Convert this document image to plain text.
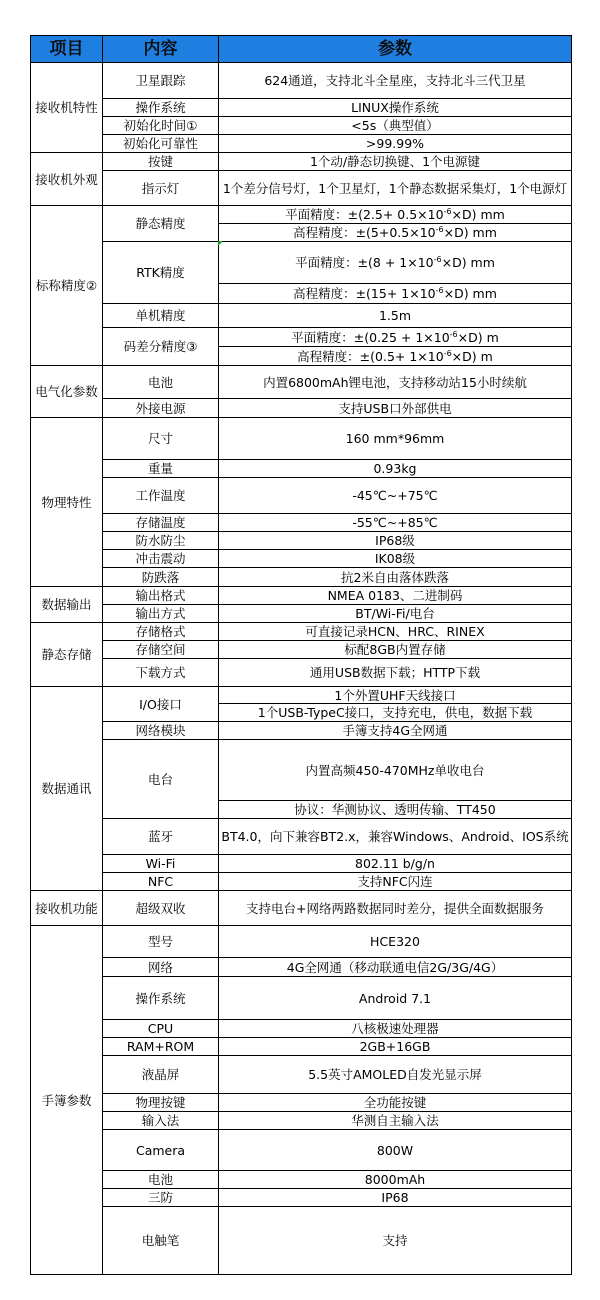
项目	内容	参数
接收机特性	卫星跟踪	624通道，支持北斗全星座，支持北斗三代卫星
	操作系统	LINUX操作系统
	初始化时间①	<5s（典型值）
	初始化可靠性	>99.99%
接收机外观	按键	1个动/静态切换键、1个电源键
	指示灯	1个差分信号灯，1个卫星灯，1个静态数据采集灯，1个电源灯
标称精度②	静态精度	平面精度：$\pm(2.5+ 0.5\times 10^{-6}\times D)$ mm
		高程精度：$\pm(5+0.5\times 10^{-6}\times D)$ mm
	RTK精度	平面精度：$\pm(8 + 1\times 10^{-6}\times D)$ mm
		高程精度：$\pm(15+ 1\times 10^{-6}\times D)$ mm
	单机精度	1.5m
	码差分精度③	平面精度：$\pm(0.25 + 1\times 10^{-6}\times D)$ m
		高程精度：$\pm(0.5+ 1\times 10^{-6}\times D)$ m
电气化参数	电池	内置6800mAh锂电池，支持移动站15小时续航
	外接电源	支持USB口外部供电
物理特性	尺寸	160 mm*96mm
	重量	0.93kg
	工作温度	-45℃~+75℃
	存储温度	-55℃~+85℃
	防水防尘	IP68级
	冲击震动	IK08级
	防跌落	抗2米自由落体跌落
数据输出	输出格式	NMEA 0183、二进制码
	输出方式	BT/Wi-Fi/电台
静态存储	存储格式	可直接记录HCN、HRC、RINEX
	存储空间	标配8GB内置存储
	下载方式	通用USB数据下载；HTTP下载
数据通讯	I/O接口	1个外置UHF天线接口
		1个USB-TypeC接口，支持充电，供电，数据下载
	网络模块	手簿支持4G全网通
	电台	内置高频450-470MHz单收电台
		协议：华测协议、透明传输、TT450
	蓝牙	BT4.0，向下兼容BT2.x，兼容Windows、Android、IOS系统
	Wi-Fi	802.11 b/g/n
	NFC	支持NFC闪连
接收机功能	超级双收	支持电台+网络两路数据同时差分，提供全面数据服务
手簿参数	型号	HCE320
	网络	4G全网通（移动联通电信2G/3G/4G）
	操作系统	Android 7.1
	CPU	八核极速处理器
	RAM+ROM	2GB+16GB
	液晶屏	5.5英寸AMOLED自发光显示屏
	物理按键	全功能按键
	输入法	华测自主输入法
	Camera	800W
	电池	8000mAh
	三防	IP68
	电触笔	支持
